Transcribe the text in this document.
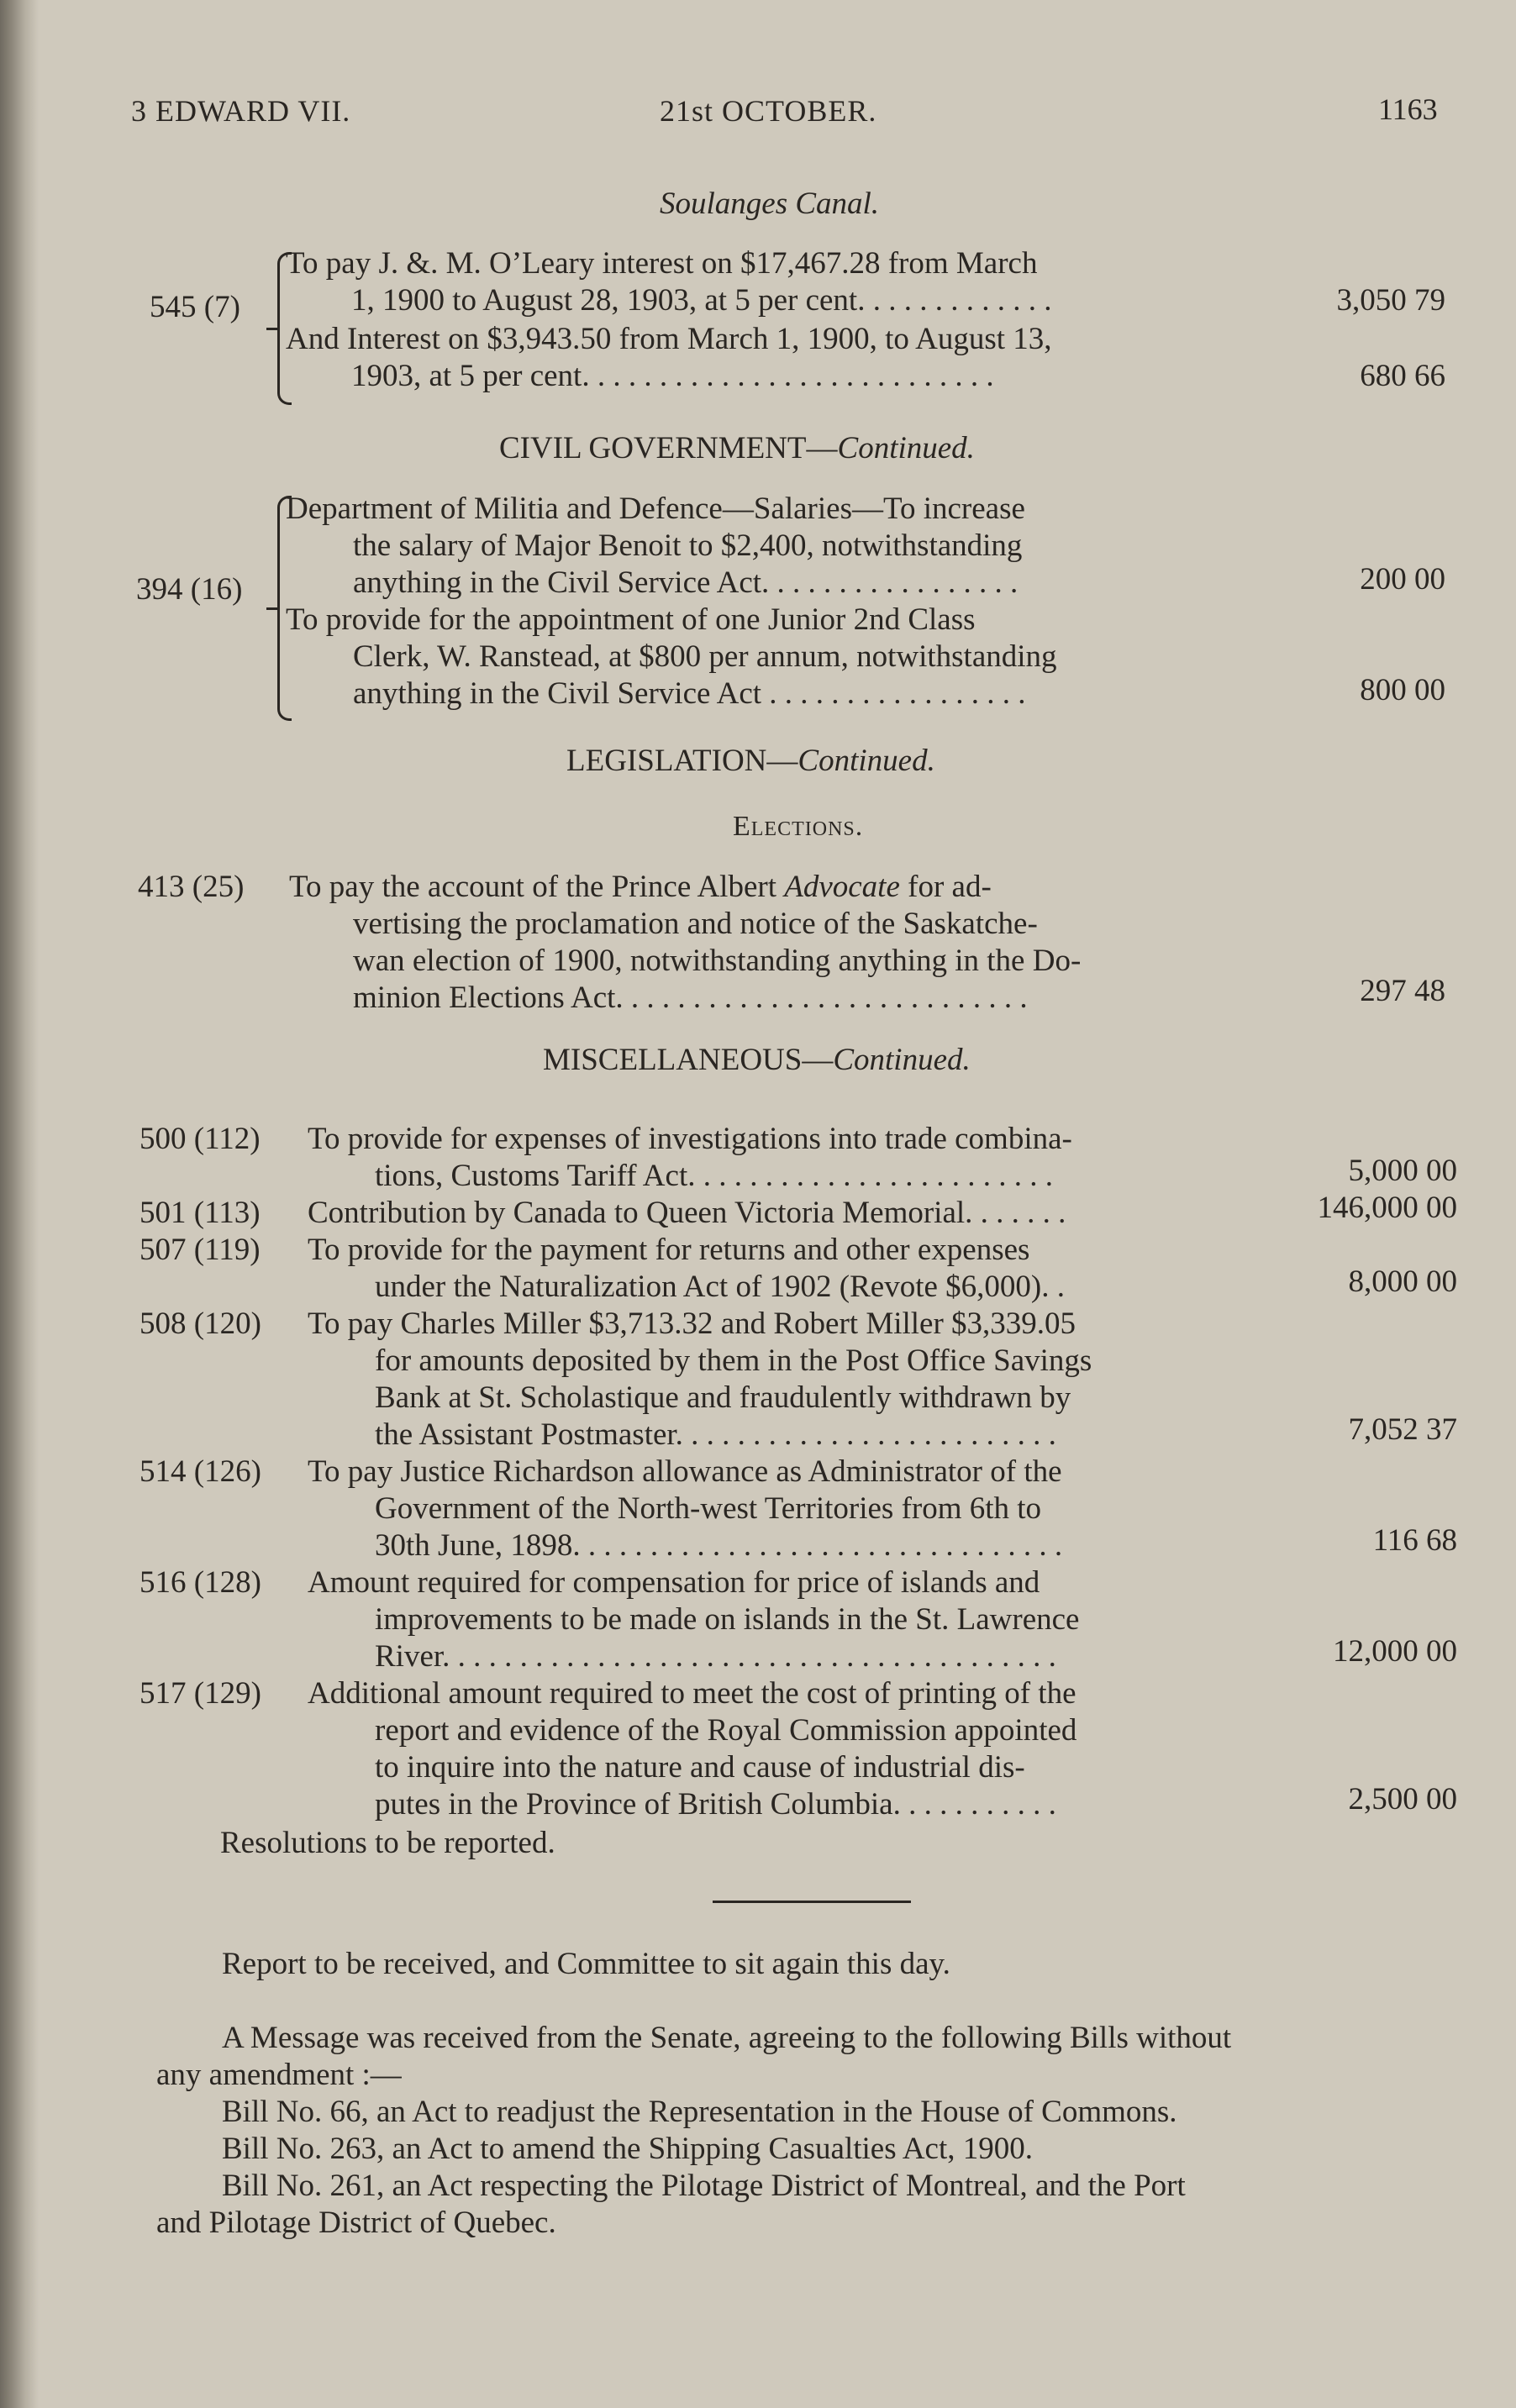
3 EDWARD VII.	21st OCTOBER.	1163
Soulanges Canal.
545 (7)
To pay J. &. M. O’Leary interest on $17,467.28 from March
1, 1900 to August 28, 1903, at 5 per cent. . . . . . . . . . . . .	3,050 79
And Interest on $3,943.50 from March 1, 1900, to August 13,
1903, at 5 per cent. . . . . . . . . . . . . . . . . . . . . . . . . . .	680 66
CIVIL GOVERNMENT—Continued.
394 (16)
Department of Militia and Defence—Salaries—To increase
the salary of Major Benoit to $2,400, notwithstanding
anything in the Civil Service Act. . . . . . . . . . . . . . . . .	200 00
To provide for the appointment of one Junior 2nd Class
Clerk, W. Ranstead, at $800 per annum, notwithstanding
anything in the Civil Service Act . . . . . . . . . . . . . . . . .	800 00
LEGISLATION—Continued.
Elections.
413 (25) To pay the account of the Prince Albert Advocate for ad-
vertising the proclamation and notice of the Saskatche-
wan election of 1900, notwithstanding anything in the Do-
minion Elections Act. . . . . . . . . . . . . . . . . . . . . . . . . . .	297 48
MISCELLANEOUS—Continued.
500 (112) To provide for expenses of investigations into trade combina-
tions, Customs Tariff Act. . . . . . . . . . . . . . . . . . . . . . . .	5,000 00
501 (113) Contribution by Canada to Queen Victoria Memorial. . . . . . .	146,000 00
507 (119) To provide for the payment for returns and other expenses
under the Naturalization Act of 1902 (Revote $6,000). .	8,000 00
508 (120) To pay Charles Miller $3,713.32 and Robert Miller $3,339.05
for amounts deposited by them in the Post Office Savings
Bank at St. Scholastique and fraudulently withdrawn by
the Assistant Postmaster. . . . . . . . . . . . . . . . . . . . . . . . .	7,052 37
514 (126) To pay Justice Richardson allowance as Administrator of the
Government of the North-west Territories from 6th to
30th June, 1898. . . . . . . . . . . . . . . . . . . . . . . . . . . . . . . .	116 68
516 (128) Amount required for compensation for price of islands and
improvements to be made on islands in the St. Lawrence
River. . . . . . . . . . . . . . . . . . . . . . . . . . . . . . . . . . . . . . . .	12,000 00
517 (129) Additional amount required to meet the cost of printing of the
report and evidence of the Royal Commission appointed
to inquire into the nature and cause of industrial dis-
putes in the Province of British Columbia. . . . . . . . . . .	2,500 00
Resolutions to be reported.
Report to be received, and Committee to sit again this day.
A Message was received from the Senate, agreeing to the following Bills without
any amendment :—
Bill No. 66, an Act to readjust the Representation in the House of Commons.
Bill No. 263, an Act to amend the Shipping Casualties Act, 1900.
Bill No. 261, an Act respecting the Pilotage District of Montreal, and the Port
and Pilotage District of Quebec.
